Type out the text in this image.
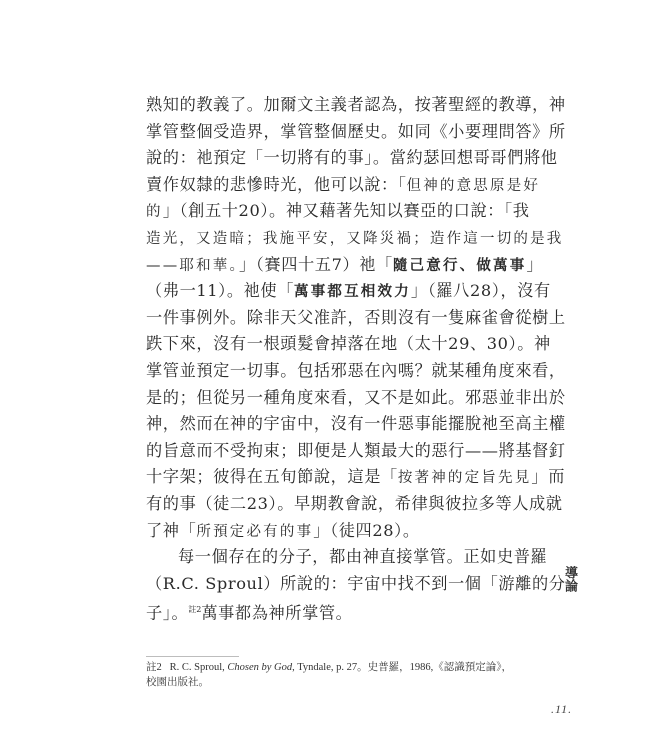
熟知的教義了。加爾文主義者認為，按著聖經的教導，神
掌管整個受造界，掌管整個歷史。如同《小要理問答》所
說的：祂預定「一切將有的事」。當約瑟回想哥哥們將他
賣作奴隸的悲慘時光，他可以說：「但神的意思原是好
的」（創五十20）。神又藉著先知以賽亞的口說：「我
造光，又造暗；我施平安，又降災禍；造作這一切的是我
——耶和華。」（賽四十五7）祂「隨己意行、做萬事」
（弗一11）。祂使「萬事都互相效力」（羅八28），沒有
一件事例外。除非天父准許，否則沒有一隻麻雀會從樹上
跌下來，沒有一根頭髮會掉落在地（太十29、30）。神
掌管並預定一切事。包括邪惡在內嗎？就某種角度來看，
是的；但從另一種角度來看，又不是如此。邪惡並非出於
神，然而在神的宇宙中，沒有一件惡事能擺脫祂至高主權
的旨意而不受拘束；即便是人類最大的惡行——將基督釘
十字架；彼得在五旬節說，這是「按著神的定旨先見」而
有的事（徒二23）。早期教會說，希律與彼拉多等人成就
了神「所預定必有的事」（徒四28）。
每一個存在的分子，都由神直接掌管。正如史普羅
（R.C. Sproul）所說的：宇宙中找不到一個「游離的分
子」。$^{註2}$萬事都為神所掌管。
導論
註2 R. C. Sproul, Chosen by God, Tyndale, p. 27。史普羅，1986,《認識預定論》，
校園出版社。
.11.
